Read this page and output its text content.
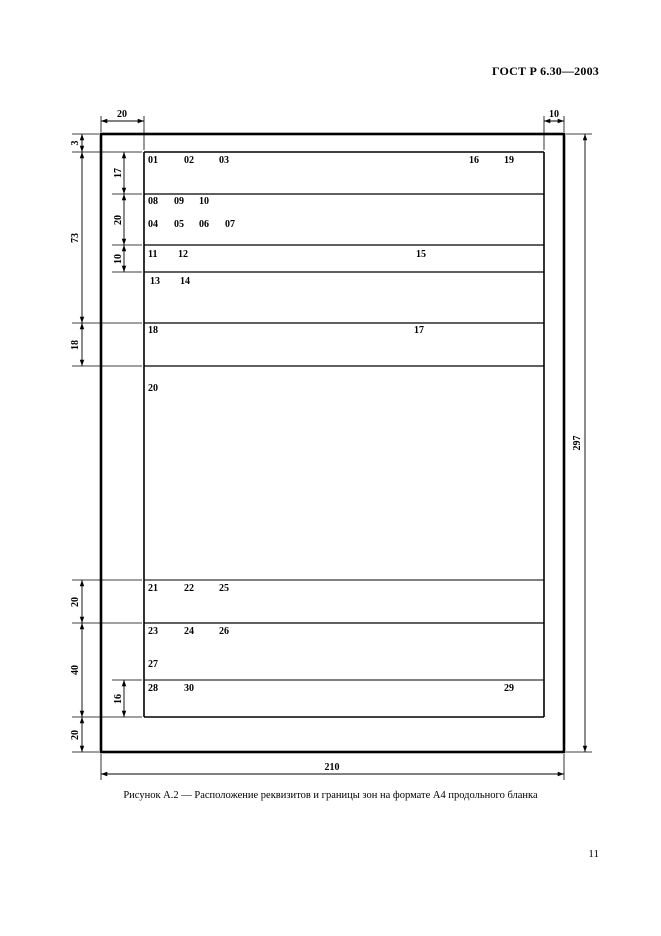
ГОСТ Р 6.30—2003
20	10
210
297
3
73
18
20
40
20
17
20
10
16
01	02	03	16	19
08 09 10
04 05 06 07
11 12	15
13 14
18	17
20
21	22	25
23	24	26
27
28	30	29
Рисунок А.2 — Расположение реквизитов и границы зон на формате А4 продольного бланка
11
